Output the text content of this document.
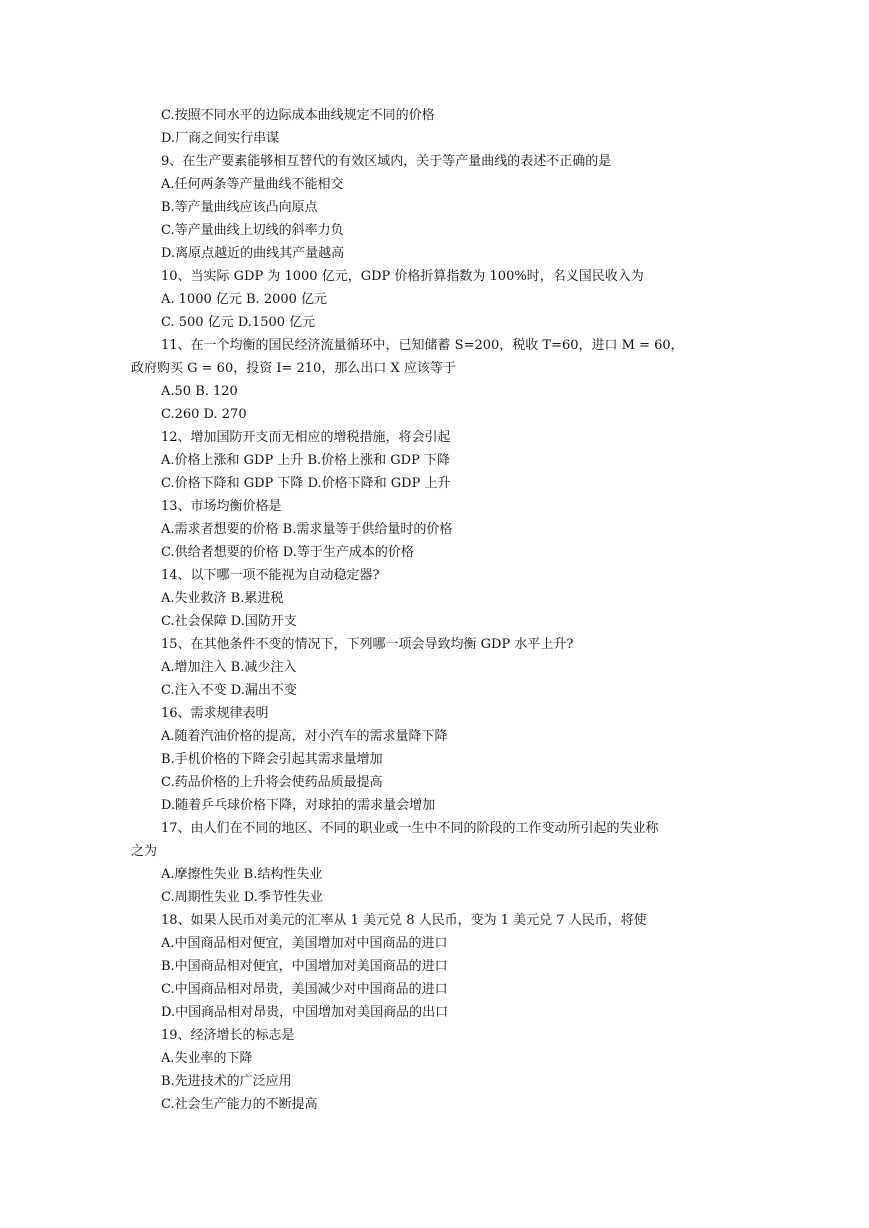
C.按照不同水平的边际成本曲线规定不同的价格
D.厂商之间实行串谋
9、在生产要素能够相互替代的有效区域内，关于等产量曲线的表述不正确的是
A.任何两条等产量曲线不能相交
B.等产量曲线应该凸向原点
C.等产量曲线上切线的斜率力负
D.离原点越近的曲线其产量越高
10、当实际 GDP 为 1000 亿元，GDP 价格折算指数为 100%时，名义国民收入为
A. 1000 亿元 B. 2000 亿元
C. 500 亿元 D.1500 亿元
11、在一个均衡的国民经济流量循环中，已知储蓄 S=200，税收 T=60，进口 M = 60，
政府购买 G = 60，投资 I= 210，那么出口 X 应该等于
A.50 B. 120
C.260 D. 270
12、增加国防开支而无相应的增税措施，将会引起
A.价格上涨和 GDP 上升 B.价格上涨和 GDP 下降
C.价格下降和 GDP 下降 D.价格下降和 GDP 上升
13、市场均衡价格是
A.需求者想要的价格 B.需求量等于供给量时的价格
C.供给者想要的价格 D.等于生产成本的价格
14、以下哪一项不能视为自动稳定器?
A.失业救济 B.累进税
C.社会保障 D.国防开支
15、在其他条件不变的情况下，下列哪一项会导致均衡 GDP 水平上升?
A.增加注入 B.减少注入
C.注入不变 D.漏出不变
16、需求规律表明
A.随着汽油价格的提高，对小汽车的需求量降下降
B.手机价格的下降会引起其需求量增加
C.药品价格的上升将会使药品质最提高
D.随着乒乓球价格下降，对球拍的需求量会增加
17、由人们在不同的地区、不同的职业或一生中不同的阶段的工作变动所引起的失业称
之为
A.摩擦性失业 B.结构性失业
C.周期性失业 D.季节性失业
18、如果人民币对美元的汇率从 1 美元兑 8 人民币，变为 1 美元兑 7 人民币，将使
A.中国商品相对便宜，美国增加对中国商品的进口
B.中国商品相对便宜，中国增加对美国商品的进口
C.中国商品相对昂贵，美国减少对中国商品的进口
D.中国商品相对昂贵，中国增加对美国商品的出口
19、经济增长的标志是
A.失业率的下降
B.先进技术的广泛应用
C.社会生产能力的不断提高
